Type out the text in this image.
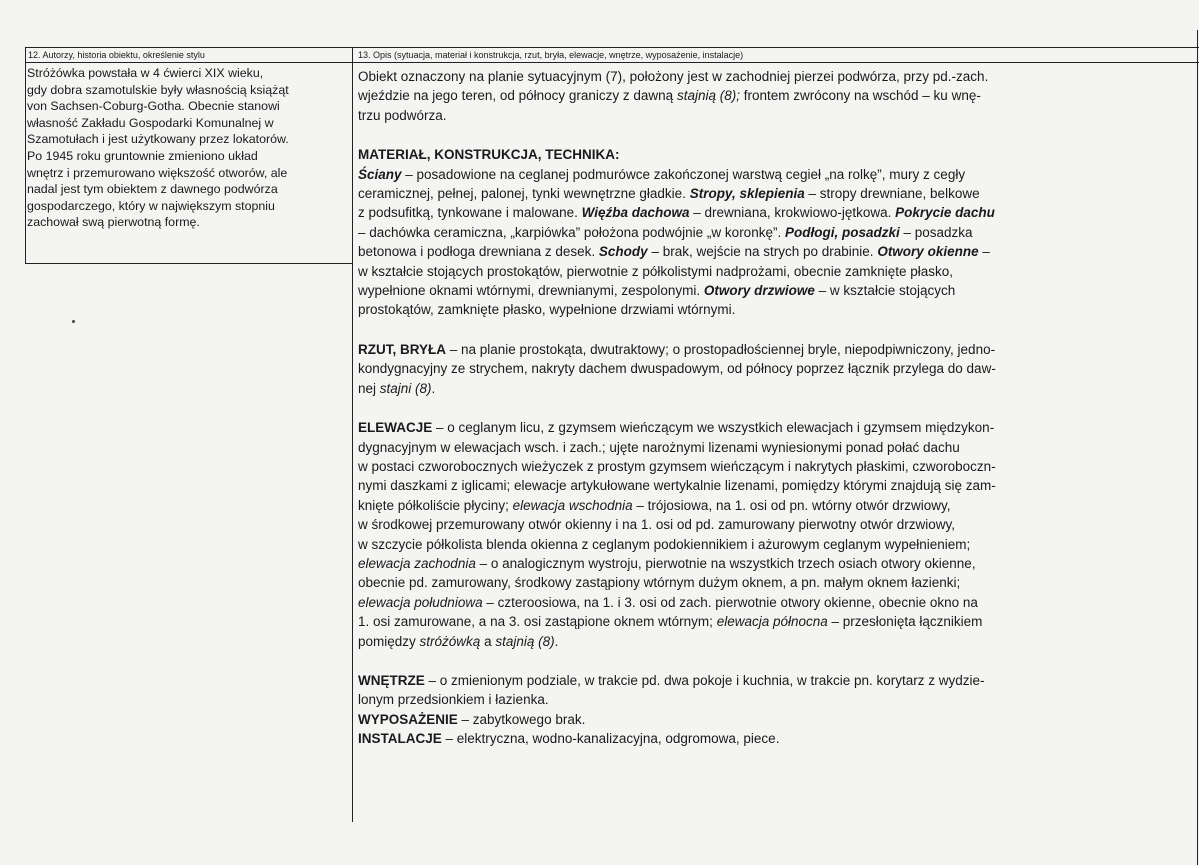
12. Autorzy, historia obiektu, określenie stylu	13. Opis (sytuacja, materiał i konstrukcja, rzut, bryła, elewacje, wnętrze, wyposażenie, instalacje)

Stróżówka powstała w 4 ćwierci XIX wieku,

gdy dobra szamotulskie były własnością książąt

von Sachsen-Coburg-Gotha. Obecnie stanowi

własność Zakładu Gospodarki Komunalnej w

Szamotułach i jest użytkowany przez lokatorów.

Po 1945 roku gruntownie zmieniono układ

wnętrz i przemurowano większość otworów, ale

nadal jest tym obiektem z dawnego podwórza

gospodarczego, który w największym stopniu

zachował swą pierwotną formę.

Obiekt oznaczony na planie sytuacyjnym (7), położony jest w zachodniej pierzei podwórza, przy pd.-zach.
wjeździe na jego teren, od północy graniczy z dawną stajnią (8); frontem zwrócony na wschód – ku wnę-
trzu podwórza.
MATERIAŁ, KONSTRUKCJA, TECHNIKA:
Ściany – posadowione na ceglanej podmurówce zakończonej warstwą cegieł „na rolkę”, mury z cegły
ceramicznej, pełnej, palonej, tynki wewnętrzne gładkie. Stropy, sklepienia – stropy drewniane, belkowe
z podsufitką, tynkowane i malowane. Więźba dachowa – drewniana, krokwiowo-jętkowa. Pokrycie dachu
– dachówka ceramiczna, „karpiówka” położona podwójnie „w koronkę”. Podłogi, posadzki – posadzka
betonowa i podłoga drewniana z desek. Schody – brak, wejście na strych po drabinie. Otwory okienne –
w kształcie stojących prostokątów, pierwotnie z półkolistymi nadprożami, obecnie zamknięte płasko,
wypełnione oknami wtórnymi, drewnianymi, zespolonymi. Otwory drzwiowe – w kształcie stojących
prostokątów, zamknięte płasko, wypełnione drzwiami wtórnymi.
RZUT, BRYŁA – na planie prostokąta, dwutraktowy; o prostopadłościennej bryle, niepodpiwniczony, jedno-
kondygnacyjny ze strychem, nakryty dachem dwuspadowym, od północy poprzez łącznik przylega do daw-
nej stajni (8).
ELEWACJE – o ceglanym licu, z gzymsem wieńczącym we wszystkich elewacjach i gzymsem międzykon-
dygnacyjnym w elewacjach wsch. i zach.; ujęte narożnymi lizenami wyniesionymi ponad połać dachu
w postaci czworobocznych wieżyczek z prostym gzymsem wieńczącym i nakrytych płaskimi, czworoboczn-
nymi daszkami z iglicami; elewacje artykułowane wertykalnie lizenami, pomiędzy którymi znajdują się zam-
knięte półkoliście płyciny; elewacja wschodnia – trójosiowa, na 1. osi od pn. wtórny otwór drzwiowy,
w środkowej przemurowany otwór okienny i na 1. osi od pd. zamurowany pierwotny otwór drzwiowy,
w szczycie półkolista blenda okienna z ceglanym podokiennikiem i ażurowym ceglanym wypełnieniem;
elewacja zachodnia – o analogicznym wystroju, pierwotnie na wszystkich trzech osiach otwory okienne,
obecnie pd. zamurowany, środkowy zastąpiony wtórnym dużym oknem, a pn. małym oknem łazienki;
elewacja południowa – czteroosiowa, na 1. i 3. osi od zach. pierwotnie otwory okienne, obecnie okno na
1. osi zamurowane, a na 3. osi zastąpione oknem wtórnym; elewacja północna – przesłonięta łącznikiem
pomiędzy stróżówką a stajnią (8).
WNĘTRZE – o zmienionym podziale, w trakcie pd. dwa pokoje i kuchnia, w trakcie pn. korytarz z wydzie-
lonym przedsionkiem i łazienka.
WYPOSAŻENIE – zabytkowego brak.
INSTALACJE – elektryczna, wodno-kanalizacyjna, odgromowa, piece.
